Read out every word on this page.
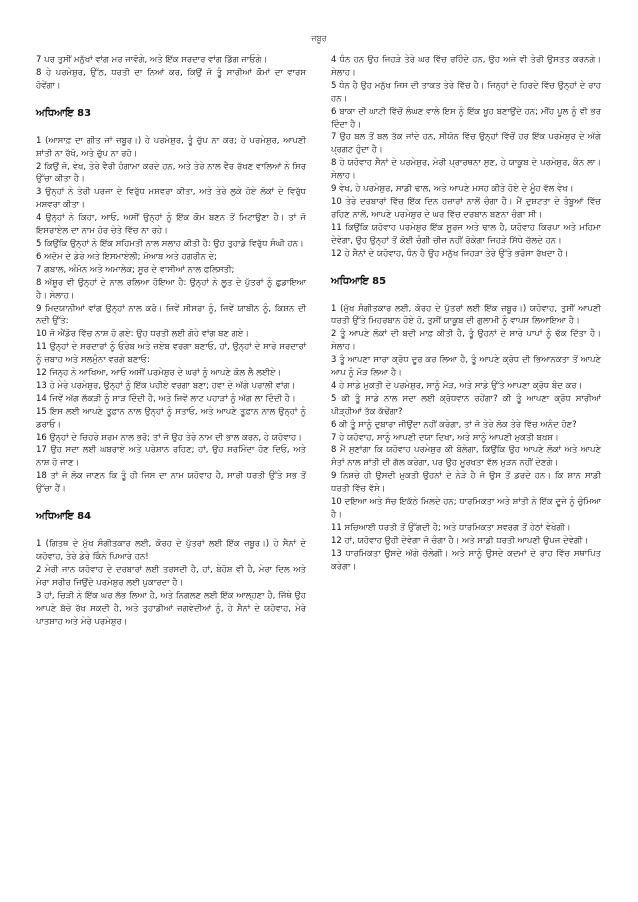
ਜ਼ਬੂਰ

7 ਪਰ ਤੁਸੀਂ ਮਨੁੱਖਾਂ ਵਾਂਗ ਮਰ ਜਾਵੋਗੇ, ਅਤੇ ਇੱਕ ਸਰਦਾਰ ਵਾਂਗ ਡਿੱਗ ਜਾਓਗੇ।

8 ਹੇ ਪਰਮੇਸ਼ੁਰ, ਉੱਠ, ਧਰਤੀ ਦਾ ਨਿਆਂ ਕਰ, ਕਿਉਂ ਜੋ ਤੂੰ ਸਾਰੀਆਂ ਕੌਮਾਂ ਦਾ ਵਾਰਸ ਹੋਵੇਂਗਾ।

ਅਧਿਆਇ 83

1 (ਆਸਾਫ਼ ਦਾ ਗੀਤ ਜਾਂ ਜ਼ਬੂਰ।) ਹੇ ਪਰਮੇਸ਼ੁਰ, ਤੂੰ ਚੁੱਪ ਨਾ ਕਰ; ਹੇ ਪਰਮੇਸ਼ੁਰ, ਆਪਣੀ ਸ਼ਾਂਤੀ ਨਾ ਰੱਖੋ, ਅਤੇ ਚੁੱਪ ਨਾ ਰਹੋ।

2 ਕਿਉਂ ਜੋ, ਵੇਖ, ਤੇਰੇ ਵੈਰੀ ਹੰਗਾਮਾ ਕਰਦੇ ਹਨ, ਅਤੇ ਤੇਰੇ ਨਾਲ ਵੈਰ ਰੱਖਣ ਵਾਲਿਆਂ ਨੇ ਸਿਰ ਉੱਚਾ ਕੀਤਾ ਹੈ।

3 ਉਨ੍ਹਾਂ ਨੇ ਤੇਰੀ ਪਰਜਾ ਦੇ ਵਿਰੁੱਧ ਮਸ਼ਵਰਾ ਕੀਤਾ, ਅਤੇ ਤੇਰੇ ਲੁਕੇ ਹੋਏ ਲੋਕਾਂ ਦੇ ਵਿਰੁੱਧ ਮਸ਼ਵਰਾ ਕੀਤਾ।

4 ਉਨ੍ਹਾਂ ਨੇ ਕਿਹਾ, ਆਓ, ਅਸੀਂ ਉਨ੍ਹਾਂ ਨੂੰ ਇੱਕ ਕੌਮ ਬਣਨ ਤੋਂ ਮਿਟਾਉਣਾ ਹੈ। ਤਾਂ ਜੋ ਇਸਰਾਏਲ ਦਾ ਨਾਮ ਹੋਰ ਚੇਤੇ ਵਿੱਚ ਨਾ ਰਹੇ।

5 ਕਿਉਂਕਿ ਉਨ੍ਹਾਂ ਨੇ ਇੱਕ ਸਹਿਮਤੀ ਨਾਲ ਸਲਾਹ ਕੀਤੀ ਹੈ: ਉਹ ਤੁਹਾਡੇ ਵਿਰੁੱਧ ਸੰਘੀ ਹਨ।

6 ਅਦੋਮ ਦੇ ਡੇਰੇ ਅਤੇ ਇਸਮਾਏਲੀ; ਮੋਆਬ ਅਤੇ ਹਗਰੀਨ ਦੇ;

7 ਗਬਾਲ, ਅੰਮੋਨ ਅਤੇ ਅਮਾਲੇਕ; ਸੂਰ ਦੇ ਵਾਸੀਆਂ ਨਾਲ ਫਲਿਸਤੀ;

8 ਅੱਸ਼ੂਰ ਵੀ ਉਨ੍ਹਾਂ ਦੇ ਨਾਲ ਰਲਿਆ ਹੋਇਆ ਹੈ: ਉਨ੍ਹਾਂ ਨੇ ਲੂਤ ਦੇ ਪੁੱਤਰਾਂ ਨੂੰ ਛੁਡਾਇਆ ਹੈ। ਸੇਲਾਹ।

9 ਮਿਦਯਾਨੀਆਂ ਵਾਂਗ ਉਨ੍ਹਾਂ ਨਾਲ ਕਰੋ। ਜਿਵੇਂ ਸੀਸਰਾ ਨੂੰ, ਜਿਵੇਂ ਯਾਬੀਨ ਨੂੰ, ਕਿਸ਼ਨ ਦੀ ਨਦੀ ਉੱਤੇ:

10 ਜੋ ਐਂਡੋਰ ਵਿੱਚ ਨਾਸ਼ ਹੋ ਗਏ: ਉਹ ਧਰਤੀ ਲਈ ਗੋਹੇ ਵਾਂਗ ਬਣ ਗਏ।

11 ਉਨ੍ਹਾਂ ਦੇ ਸਰਦਾਰਾਂ ਨੂੰ ਓਰੇਬ ਅਤੇ ਜ਼ਏਬ ਵਰਗਾ ਬਣਾਓ, ਹਾਂ, ਉਨ੍ਹਾਂ ਦੇ ਸਾਰੇ ਸਰਦਾਰਾਂ ਨੂੰ ਜ਼ਬਾਹ ਅਤੇ ਸਲਮੁੰਨਾ ਵਰਗੇ ਬਣਾਓ:

12 ਜਿਨ੍ਹ ਨੇ ਆਖਿਆ, ਆਓ ਅਸੀਂ ਪਰਮੇਸ਼ੁਰ ਦੇ ਘਰਾਂ ਨੂੰ ਆਪਣੇ ਕੋਲ ਲੈ ਲਈਏ।

13 ਹੇ ਮੇਰੇ ਪਰਮੇਸ਼ੁਰ, ਉਨ੍ਹਾਂ ਨੂੰ ਇੱਕ ਪਹੀਏ ਵਰਗਾ ਬਣਾ; ਹਵਾ ਦੇ ਅੱਗੇ ਪਰਾਲੀ ਵਾਂਗ।

14 ਜਿਵੇਂ ਅੱਗ ਲੱਕੜੀ ਨੂੰ ਸਾੜ ਦਿੰਦੀ ਹੈ, ਅਤੇ ਜਿਵੇਂ ਲਾਟ ਪਹਾੜਾਂ ਨੂੰ ਅੱਗ ਲਾ ਦਿੰਦੀ ਹੈ।

15 ਇਸ ਲਈ ਆਪਣੇ ਤੂਫ਼ਾਨ ਨਾਲ ਉਨ੍ਹਾਂ ਨੂੰ ਸਤਾਓ, ਅਤੇ ਆਪਣੇ ਤੂਫ਼ਾਨ ਨਾਲ ਉਨ੍ਹਾਂ ਨੂੰ ਡਰਾਓ।

16 ਉਨ੍ਹਾਂ ਦੇ ਚਿਹਰੇ ਸ਼ਰਮ ਨਾਲ ਭਰੋ; ਤਾਂ ਜੋ ਉਹ ਤੇਰੇ ਨਾਮ ਦੀ ਭਾਲ ਕਰਨ, ਹੇ ਯਹੋਵਾਹ।

17 ਉਹ ਸਦਾ ਲਈ ਘਬਰਾਏ ਅਤੇ ਪਰੇਸ਼ਾਨ ਰਹਿਣ; ਹਾਂ, ਉਹ ਸ਼ਰਮਿੰਦਾ ਹੋਣ ਦਿਓ, ਅਤੇ ਨਾਸ਼ ਹੋ ਜਾਣ।

18 ਤਾਂ ਜੋ ਲੋਕ ਜਾਣਨ ਕਿ ਤੂੰ ਹੀ ਜਿਸ ਦਾ ਨਾਮ ਯਹੋਵਾਹ ਹੈ, ਸਾਰੀ ਧਰਤੀ ਉੱਤੇ ਸਭ ਤੋਂ ਉੱਚਾ ਹੈਂ।

ਅਧਿਆਇ 84

1 (ਗਿਤਥ ਦੇ ਮੁੱਖ ਸੰਗੀਤਕਾਰ ਲਈ, ਕੋਰਹ ਦੇ ਪੁੱਤਰਾਂ ਲਈ ਇੱਕ ਜ਼ਬੂਰ।) ਹੇ ਸੈਨਾਂ ਦੇ ਯਹੋਵਾਹ, ਤੇਰੇ ਡੇਰੇ ਕਿੰਨੇ ਪਿਆਰੇ ਹਨ!

2 ਮੇਰੀ ਜਾਨ ਯਹੋਵਾਹ ਦੇ ਦਰਬਾਰਾਂ ਲਈ ਤਰਸਦੀ ਹੈ, ਹਾਂ, ਬੇਹੋਸ਼ ਵੀ ਹੈ, ਮੇਰਾ ਦਿਲ ਅਤੇ ਮੇਰਾ ਸਰੀਰ ਜਿਉਂਦੇ ਪਰਮੇਸ਼ੁਰ ਲਈ ਪੁਕਾਰਦਾ ਹੈ।

3 ਹਾਂ, ਚਿੜੀ ਨੇ ਇੱਕ ਘਰ ਲੱਭ ਲਿਆ ਹੈ, ਅਤੇ ਨਿਗਲਣ ਲਈ ਇੱਕ ਆਲ੍ਹਣਾ ਹੈ, ਜਿੱਥੇ ਉਹ ਆਪਣੇ ਬੱਚੇ ਰੱਖ ਸਕਦੀ ਹੈ, ਅਤੇ ਤੁਹਾਡੀਆਂ ਜਗਵੇਦੀਆਂ ਨੂੰ, ਹੇ ਸੈਨਾਂ ਦੇ ਯਹੋਵਾਹ, ਮੇਰੇ ਪਾਤਸ਼ਾਹ ਅਤੇ ਮੇਰੇ ਪਰਮੇਸ਼ੁਰ।

4 ਧੰਨ ਹਨ ਉਹ ਜਿਹੜੇ ਤੇਰੇ ਘਰ ਵਿੱਚ ਰਹਿੰਦੇ ਹਨ, ਉਹ ਅਜੇ ਵੀ ਤੇਰੀ ਉਸਤਤ ਕਰਨਗੇ। ਸੇਲਾਹ।

5 ਧੰਨ ਹੈ ਉਹ ਮਨੁੱਖ ਜਿਸ ਦੀ ਤਾਕਤ ਤੇਰੇ ਵਿੱਚ ਹੈ। ਜਿਨ੍ਹਾਂ ਦੇ ਹਿਰਦੇ ਵਿੱਚ ਉਨ੍ਹਾਂ ਦੇ ਰਾਹ ਹਨ।

6 ਬਾਕਾ ਦੀ ਘਾਟੀ ਵਿੱਚੋਂ ਲੰਘਣ ਵਾਲੇ ਇਸ ਨੂੰ ਇੱਕ ਖੂਹ ਬਣਾਉਂਦੇ ਹਨ; ਮੀਂਹ ਪੂਲ ਨੂੰ ਵੀ ਭਰ ਦਿੰਦਾ ਹੈ।

7 ਉਹ ਬਲ ਤੋਂ ਬਲ ਤੱਕ ਜਾਂਦੇ ਹਨ, ਸੀਯੋਨ ਵਿੱਚ ਉਨ੍ਹਾਂ ਵਿੱਚੋਂ ਹਰ ਇੱਕ ਪਰਮੇਸ਼ੁਰ ਦੇ ਅੱਗੇ ਪ੍ਰਗਟ ਹੁੰਦਾ ਹੈ।

8 ਹੇ ਯਹੋਵਾਹ ਸੈਨਾਂ ਦੇ ਪਰਮੇਸ਼ੁਰ, ਮੇਰੀ ਪ੍ਰਾਰਥਨਾ ਸੁਣ, ਹੇ ਯਾਕੂਬ ਦੇ ਪਰਮੇਸ਼ੁਰ, ਕੰਨ ਲਾ। ਸੇਲਾਹ।

9 ਵੇਖ, ਹੇ ਪਰਮੇਸ਼ੁਰ, ਸਾਡੀ ਢਾਲ, ਅਤੇ ਆਪਣੇ ਮਸਹ ਕੀਤੇ ਹੋਏ ਦੇ ਮੂੰਹ ਵੱਲ ਵੇਖ।

10 ਤੇਰੇ ਦਰਬਾਰਾਂ ਵਿੱਚ ਇੱਕ ਦਿਨ ਹਜ਼ਾਰਾਂ ਨਾਲੋਂ ਚੰਗਾ ਹੈ। ਮੈਂ ਦੁਸ਼ਟਤਾ ਦੇ ਤੰਬੂਆਂ ਵਿੱਚ ਰਹਿਣ ਨਾਲੋਂ, ਆਪਣੇ ਪਰਮੇਸ਼ੁਰ ਦੇ ਘਰ ਵਿੱਚ ਦਰਬਾਨ ਬਣਨਾ ਚੰਗਾ ਸੀ।

11 ਕਿਉਂਕਿ ਯਹੋਵਾਹ ਪਰਮੇਸ਼ੁਰ ਇੱਕ ਸੂਰਜ ਅਤੇ ਢਾਲ ਹੈ, ਯਹੋਵਾਹ ਕਿਰਪਾ ਅਤੇ ਮਹਿਮਾ ਦੇਵੇਗਾ, ਉਹ ਉਨ੍ਹਾਂ ਤੋਂ ਕੋਈ ਚੰਗੀ ਚੀਜ਼ ਨਹੀਂ ਰੋਕੇਗਾ ਜਿਹੜੇ ਸਿੱਧੇ ਚੱਲਦੇ ਹਨ।

12 ਹੇ ਸੈਨਾਂ ਦੇ ਯਹੋਵਾਹ, ਧੰਨ ਹੈ ਉਹ ਮਨੁੱਖ ਜਿਹੜਾ ਤੇਰੇ ਉੱਤੇ ਭਰੋਸਾ ਰੱਖਦਾ ਹੈ।

ਅਧਿਆਇ 85

1 (ਮੁੱਖ ਸੰਗੀਤਕਾਰ ਲਈ, ਕੋਰਹ ਦੇ ਪੁੱਤਰਾਂ ਲਈ ਇੱਕ ਜ਼ਬੂਰ।) ਯਹੋਵਾਹ, ਤੁਸੀਂ ਆਪਣੀ ਧਰਤੀ ਉੱਤੇ ਮਿਹਰਬਾਨ ਹੋਏ ਹੋ, ਤੁਸੀਂ ਯਾਕੂਬ ਦੀ ਗੁਲਾਮੀ ਨੂੰ ਵਾਪਸ ਲਿਆਇਆ ਹੈ।

2 ਤੂੰ ਆਪਣੇ ਲੋਕਾਂ ਦੀ ਬਦੀ ਮਾਫ਼ ਕੀਤੀ ਹੈ, ਤੂੰ ਉਹਨਾਂ ਦੇ ਸਾਰੇ ਪਾਪਾਂ ਨੂੰ ਢੱਕ ਦਿੱਤਾ ਹੈ। ਸੇਲਾਹ।

3 ਤੂੰ ਆਪਣਾ ਸਾਰਾ ਕ੍ਰੋਧ ਦੂਰ ਕਰ ਲਿਆ ਹੈ, ਤੂੰ ਆਪਣੇ ਕ੍ਰੋਧ ਦੀ ਭਿਆਨਕਤਾ ਤੋਂ ਆਪਣੇ ਆਪ ਨੂੰ ਮੋੜ ਲਿਆ ਹੈ।

4 ਹੇ ਸਾਡੇ ਮੁਕਤੀ ਦੇ ਪਰਮੇਸ਼ੁਰ, ਸਾਨੂੰ ਮੋੜ, ਅਤੇ ਸਾਡੇ ਉੱਤੇ ਆਪਣਾ ਕ੍ਰੋਧ ਬੰਦ ਕਰ।

5 ਕੀ ਤੂੰ ਸਾਡੇ ਨਾਲ ਸਦਾ ਲਈ ਕ੍ਰੋਧਵਾਨ ਰਹੇਂਗਾ? ਕੀ ਤੂੰ ਆਪਣਾ ਕ੍ਰੋਧ ਸਾਰੀਆਂ ਪੀੜ੍ਹੀਆਂ ਤੱਕ ਕੱਢੇਂਗਾ?

6 ਕੀ ਤੂੰ ਸਾਨੂੰ ਦੁਬਾਰਾ ਜੀਉਂਦਾ ਨਹੀਂ ਕਰੇਗਾ, ਤਾਂ ਜੋ ਤੇਰੇ ਲੋਕ ਤੇਰੇ ਵਿੱਚ ਅਨੰਦ ਹੋਣ?

7 ਹੇ ਯਹੋਵਾਹ, ਸਾਨੂੰ ਆਪਣੀ ਦਯਾ ਦਿਖਾ, ਅਤੇ ਸਾਨੂੰ ਆਪਣੀ ਮੁਕਤੀ ਬਖ਼ਸ਼।

8 ਮੈਂ ਸੁਣਾਂਗਾ ਕਿ ਯਹੋਵਾਹ ਪਰਮੇਸ਼ੁਰ ਕੀ ਬੋਲੇਗਾ, ਕਿਉਂਕਿ ਉਹ ਆਪਣੇ ਲੋਕਾਂ ਅਤੇ ਆਪਣੇ ਸੰਤਾਂ ਨਾਲ ਸ਼ਾਂਤੀ ਦੀ ਗੱਲ ਕਰੇਗਾ, ਪਰ ਉਹ ਮੂਰਖਤਾ ਵੱਲ ਮੁੜਨ ਨਹੀਂ ਦੇਣਗੇ।

9 ਨਿਸ਼ਚੇ ਹੀ ਉਸਦੀ ਮੁਕਤੀ ਉਹਨਾਂ ਦੇ ਨੇੜੇ ਹੈ ਜੋ ਉਸ ਤੋਂ ਡਰਦੇ ਹਨ। ਕਿ ਸ਼ਾਨ ਸਾਡੀ ਧਰਤੀ ਵਿੱਚ ਵੱਸੇ।

10 ਦਇਆ ਅਤੇ ਸੱਚ ਇਕੱਠੇ ਮਿਲਦੇ ਹਨ; ਧਾਰਮਿਕਤਾ ਅਤੇ ਸ਼ਾਂਤੀ ਨੇ ਇੱਕ ਦੂਜੇ ਨੂੰ ਚੁੰਮਿਆ ਹੈ।

11 ਸਚਿਆਈ ਧਰਤੀ ਤੋਂ ਉੱਗਦੀ ਹੈ; ਅਤੇ ਧਾਰਮਿਕਤਾ ਸਵਰਗ ਤੋਂ ਹੇਠਾਂ ਵੇਖੇਗੀ।

12 ਹਾਂ, ਯਹੋਵਾਹ ਉਹੀ ਦੇਵੇਗਾ ਜੋ ਚੰਗਾ ਹੈ। ਅਤੇ ਸਾਡੀ ਧਰਤੀ ਆਪਣੀ ਉਪਜ ਦੇਵੇਗੀ।

13 ਧਾਰਮਿਕਤਾ ਉਸਦੇ ਅੱਗੇ ਚੱਲੇਗੀ। ਅਤੇ ਸਾਨੂੰ ਉਸਦੇ ਕਦਮਾਂ ਦੇ ਰਾਹ ਵਿੱਚ ਸਥਾਪਿਤ ਕਰੇਗਾ।
